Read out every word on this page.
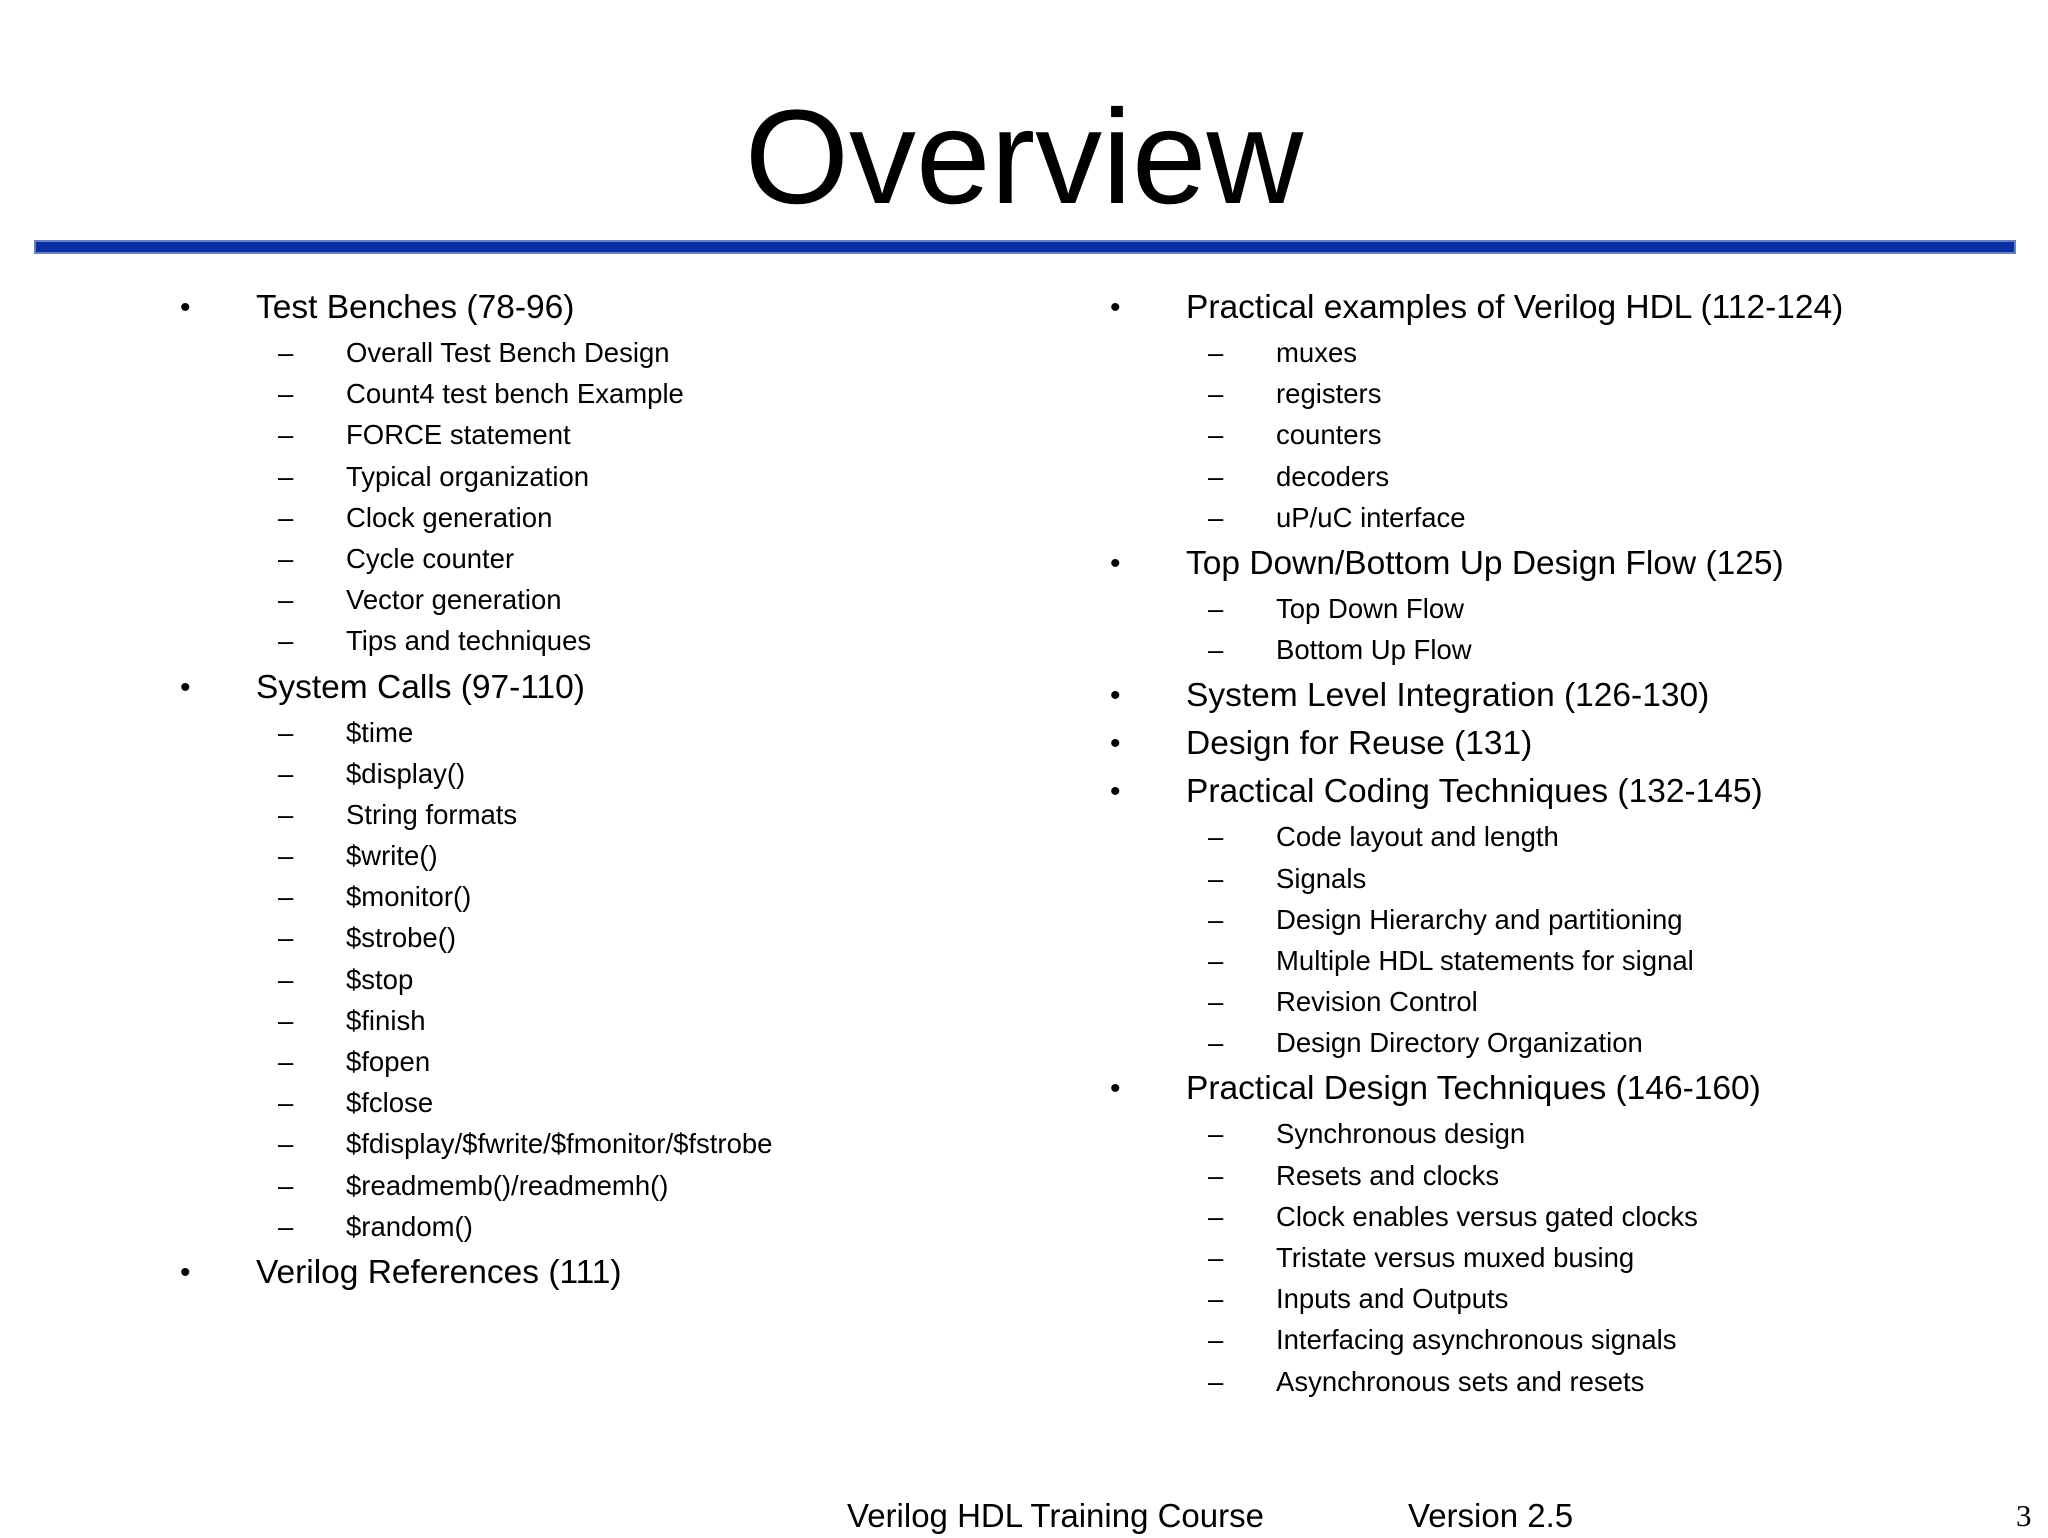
Overview
• Test Benches (78-96)
– Overall Test Bench Design
– Count4 test bench Example
– FORCE statement
– Typical organization
– Clock generation
– Cycle counter
– Vector generation
– Tips and techniques
• System Calls (97-110)
– $time
– $display()
– String formats
– $write()
– $monitor()
– $strobe()
– $stop
– $finish
– $fopen
– $fclose
– $fdisplay/$fwrite/$fmonitor/$fstrobe
– $readmemb()/readmemh()
– $random()
• Verilog References (111)
• Practical examples of Verilog HDL (112-124)
– muxes
– registers
– counters
– decoders
– uP/uC interface
• Top Down/Bottom Up Design Flow (125)
– Top Down Flow
– Bottom Up Flow
• System Level Integration (126-130)
• Design for Reuse (131)
• Practical Coding Techniques (132-145)
– Code layout and length
– Signals
– Design Hierarchy and partitioning
– Multiple HDL statements for signal
– Revision Control
– Design Directory Organization
• Practical Design Techniques (146-160)
– Synchronous design
– Resets and clocks
– Clock enables versus gated clocks
– Tristate versus muxed busing
– Inputs and Outputs
– Interfacing asynchronous signals
– Asynchronous sets and resets
Verilog HDL Training Course	Version 2.5	3
